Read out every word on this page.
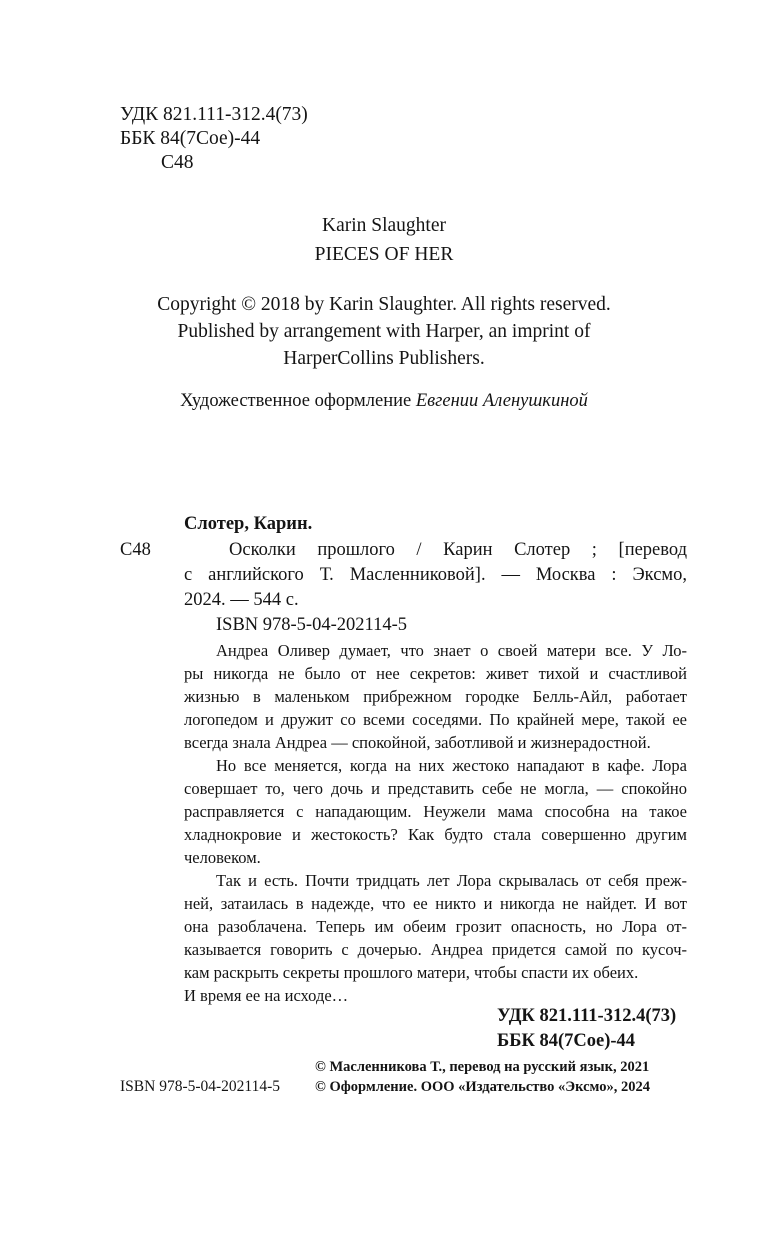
УДК 821.111-312.4(73)
ББК 84(7Сое)-44
С48
Karin Slaughter
PIECES OF HER
Copyright © 2018 by Karin Slaughter. All rights reserved.
Published by arrangement with Harper, an imprint of
HarperCollins Publishers.
Художественное оформление Евгении Аленушкиной
Слотер, Карин.
С48	Осколки прошлого / Карин Слотер ; [перевод
с английского Т. Масленниковой]. — Москва : Эксмо,
2024. — 544 с.
ISBN 978-5-04-202114-5
Андреа Оливер думает, что знает о своей матери все. У Ло-
ры никогда не было от нее секретов: живет тихой и счастливой
жизнью в маленьком прибрежном городке Белль-Айл, работает
логопедом и дружит со всеми соседями. По крайней мере, такой ее
всегда знала Андреа — спокойной, заботливой и жизнерадостной.
Но все меняется, когда на них жестоко нападают в кафе. Лора
совершает то, чего дочь и представить себе не могла, — спокойно
расправляется с нападающим. Неужели мама способна на такое
хладнокровие и жестокость? Как будто стала совершенно другим
человеком.
Так и есть. Почти тридцать лет Лора скрывалась от себя преж-
ней, затаилась в надежде, что ее никто и никогда не найдет. И вот
она разоблачена. Теперь им обеим грозит опасность, но Лора от-
казывается говорить с дочерью. Андреа придется самой по кусоч-
кам раскрыть секреты прошлого матери, чтобы спасти их обеих.
И время ее на исходе…
УДК 821.111-312.4(73)
ББК 84(7Сое)-44
© Масленникова Т., перевод на русский язык, 2021
ISBN 978-5-04-202114-5 © Оформление. ООО «Издательство «Эксмо», 2024
